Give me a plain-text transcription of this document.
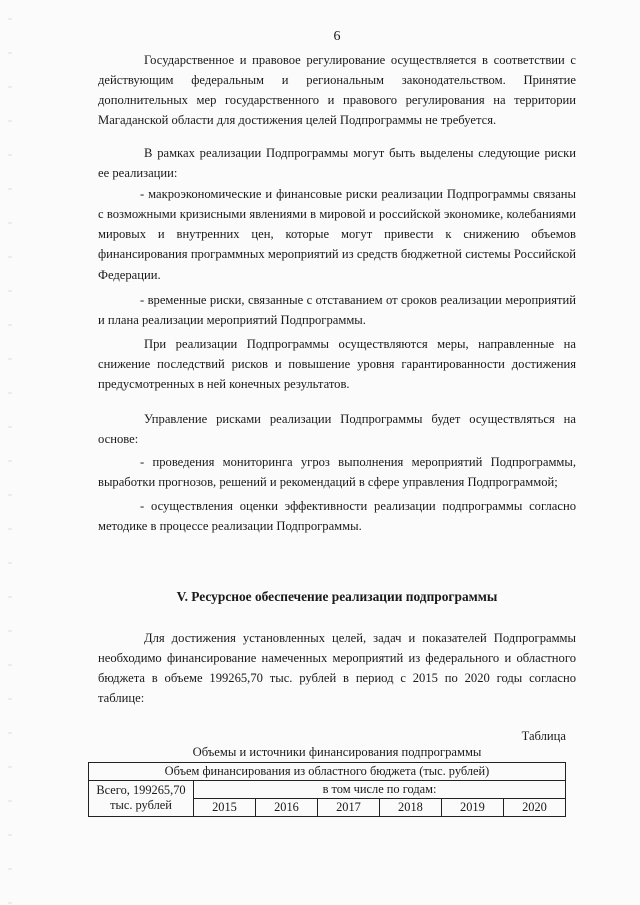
6

Государственное и правовое регулирование осуществляется в соответствии с действующим федеральным и региональным законодательством. Принятие дополнительных мер государственного и правового регулирования на территории Магаданской области для достижения целей Подпрограммы не требуется.

В рамках реализации Подпрограммы могут быть выделены следующие риски ее реализации:

- макроэкономические и финансовые риски реализации Подпрограммы связаны с возможными кризисными явлениями в мировой и российской экономике, колебаниями мировых и внутренних цен, которые могут привести к снижению объемов финансирования программных мероприятий из средств бюджетной системы Российской Федерации.

- временные риски, связанные с отставанием от сроков реализации мероприятий и плана реализации мероприятий Подпрограммы.

При реализации Подпрограммы осуществляются меры, направленные на снижение последствий рисков и повышение уровня гарантированности достижения предусмотренных в ней конечных результатов.

Управление рисками реализации Подпрограммы будет осуществляться на основе:

- проведения мониторинга угроз выполнения мероприятий Подпрограммы, выработки прогнозов, решений и рекомендаций в сфере управления Подпрограммой;

- осуществления оценки эффективности реализации подпрограммы согласно методике в процессе реализации Подпрограммы.

V. Ресурсное обеспечение реализации подпрограммы

Для достижения установленных целей, задач и показателей Подпрограммы необходимо финансирование намеченных мероприятий из федерального и областного бюджета в объеме 199265,70 тыс. рублей в период с 2015 по 2020 годы согласно таблице:

Таблица
Объемы и источники финансирования подпрограммы
Объем финансирования из областного бюджета (тыс. рублей)						

Всего, 199265,70
тыс. рублей	в том числе по годам:					
	2015	2016	2017	2018	2019	2020
